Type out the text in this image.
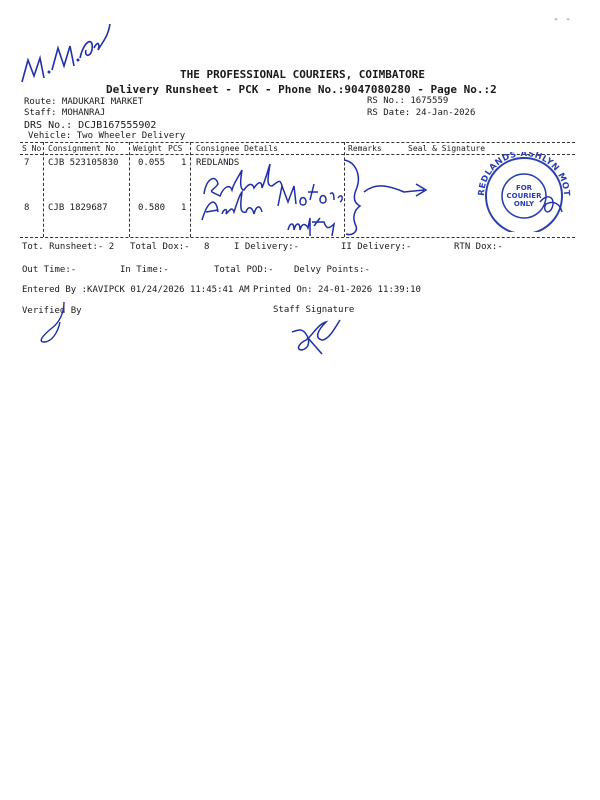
- -
THE PROFESSIONAL COURIERS, COIMBATORE
Delivery Runsheet - PCK - Phone No.:9047080280 - Page No.:2
Route: MADUKARI MARKET
Staff: MOHANRAJ
DRS No.: DCJB167555902
Vehicle: Two Wheeler Delivery
RS No.: 1675559
RS Date: 24-Jan-2026
S No Consignment No Weight PCS Consignee Details	Remarks	Seal & Signature
7 CJB 523105830 0.055 1 REDLANDS
8 CJB 1829687	0.580 1
REDLANDS ASHLYN MOT
FOR
COURIER
ONLY
Tot. Runsheet:- 2 Total Dox:- 8	I Delivery:-	II Delivery:-	RTN Dox:-
Out Time:-	In Time:-	Total POD:- Delvy Points:-
Entered By :KAVIPCK 01/24/2026 11:45:41 AM Printed On: 24-01-2026 11:39:10
Verified By	Staff Signature
